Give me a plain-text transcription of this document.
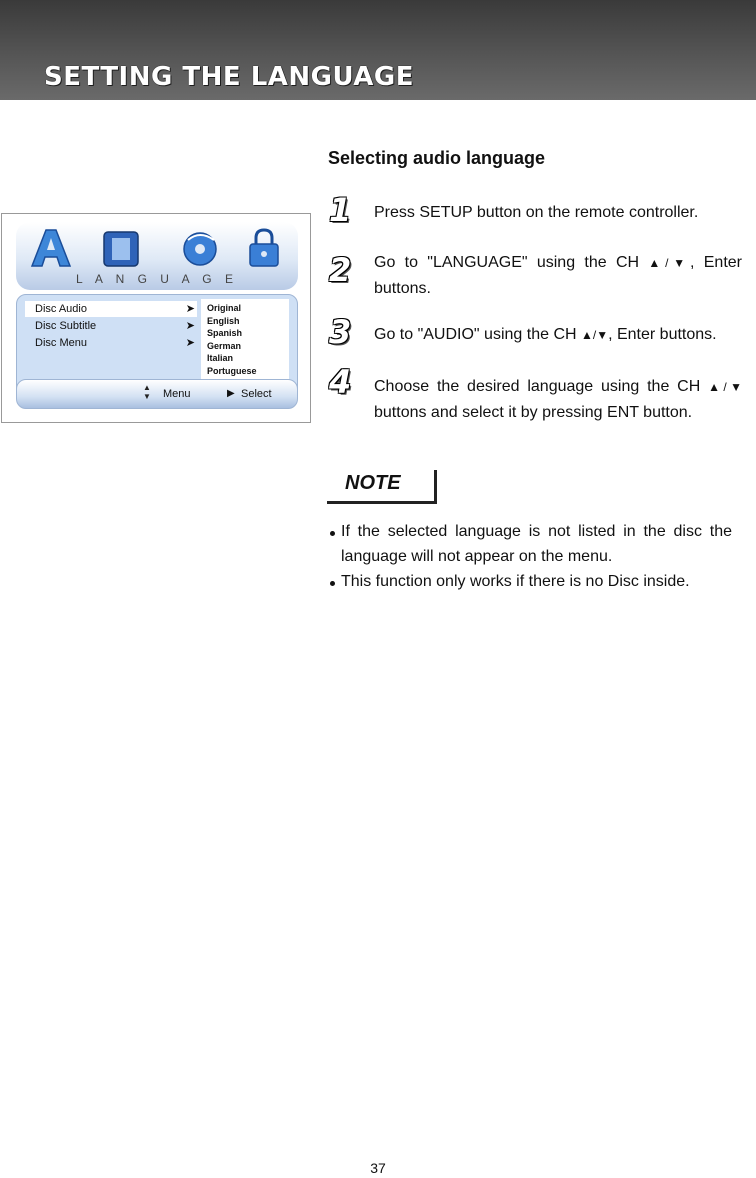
SETTING THE LANGUAGE
L A N G U A G E
Disc Audio	➤
Disc Subtitle	➤
Disc Menu	➤
Original
English
Spanish
German
Italian
Portuguese
▲
▼ Menu	▶ Select
Selecting audio language
1 Press SETUP button on the remote controller.
2 Go to "LANGUAGE" using the CH ▲/▼, Enter buttons.
3 Go to "AUDIO" using the CH ▲/▼, Enter buttons.
4 Choose the desired language using the CH ▲/▼ buttons and select it by pressing ENT button.
NOTE
If the selected language is not listed in the disc the language will not appear on the menu.
This function only works if there is no Disc inside.
37
